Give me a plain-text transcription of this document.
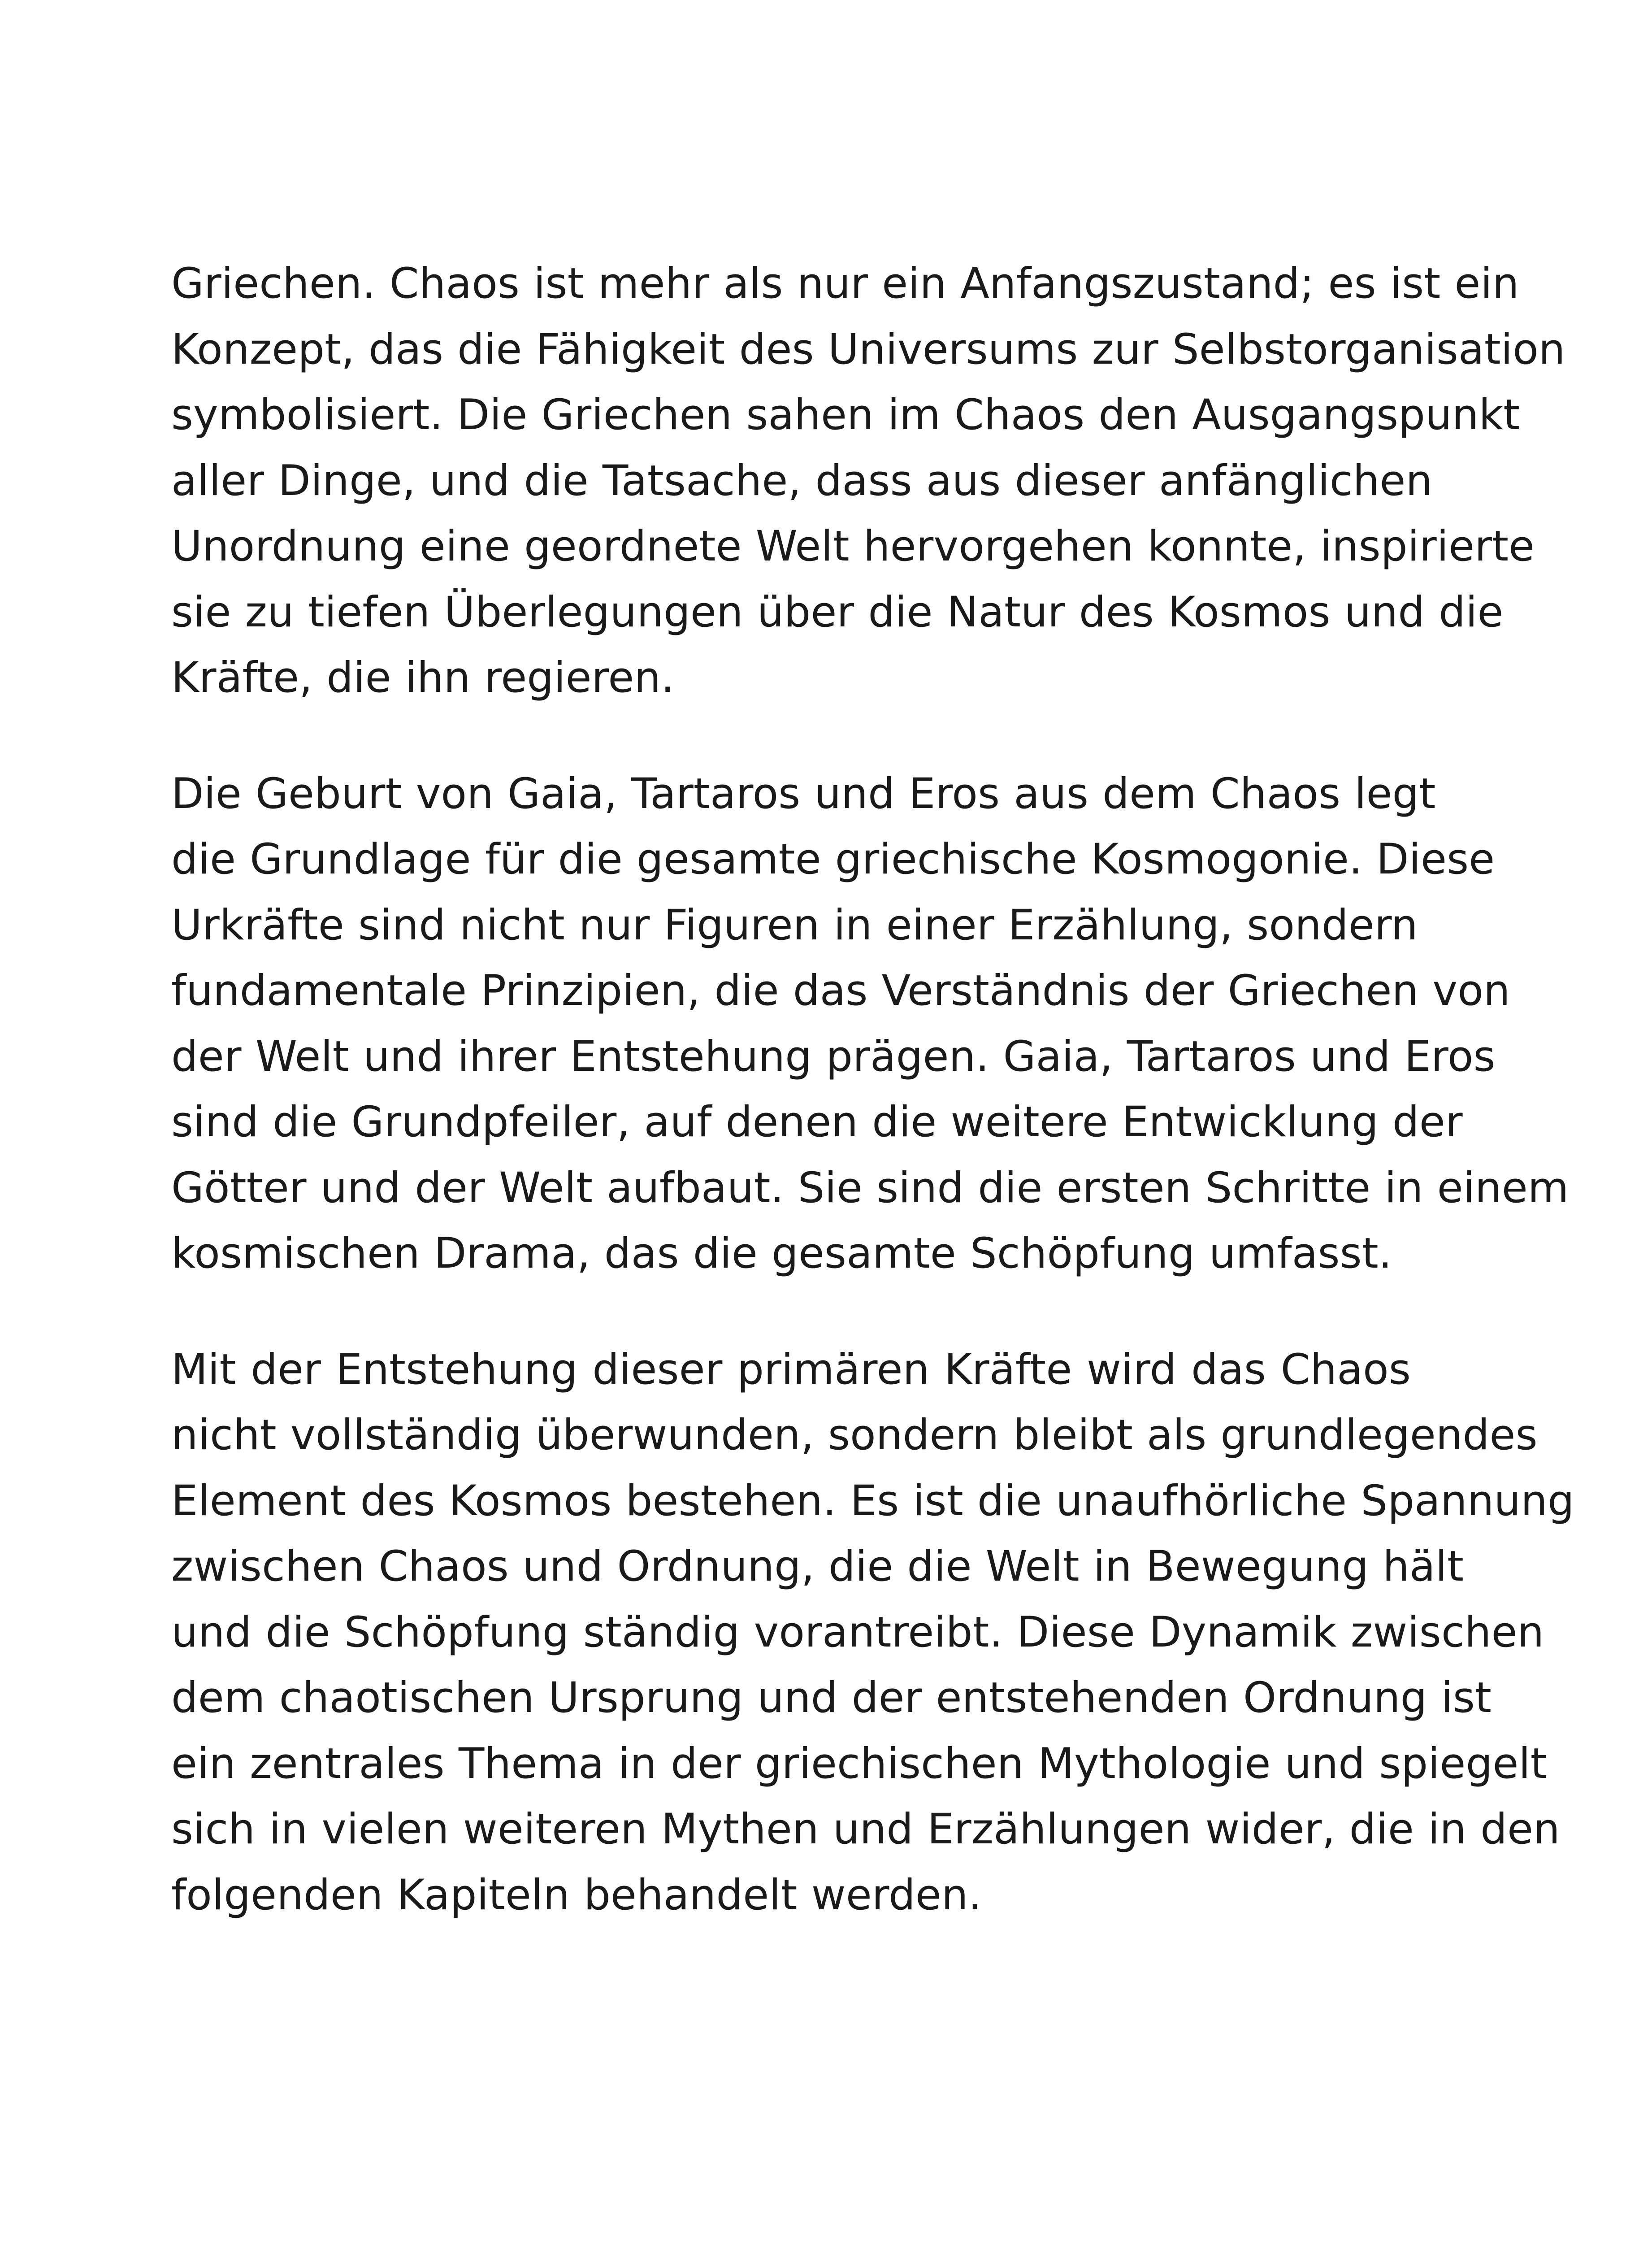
Griechen. Chaos ist mehr als nur ein Anfangszustand; es ist ein
Konzept, das die Fähigkeit des Universums zur Selbstorganisation
symbolisiert. Die Griechen sahen im Chaos den Ausgangspunkt
aller Dinge, und die Tatsache, dass aus dieser anfänglichen
Unordnung eine geordnete Welt hervorgehen konnte, inspirierte
sie zu tiefen Überlegungen über die Natur des Kosmos und die
Kräfte, die ihn regieren.

Die Geburt von Gaia, Tartaros und Eros aus dem Chaos legt
die Grundlage für die gesamte griechische Kosmogonie. Diese
Urkräfte sind nicht nur Figuren in einer Erzählung, sondern
fundamentale Prinzipien, die das Verständnis der Griechen von
der Welt und ihrer Entstehung prägen. Gaia, Tartaros und Eros
sind die Grundpfeiler, auf denen die weitere Entwicklung der
Götter und der Welt aufbaut. Sie sind die ersten Schritte in einem
kosmischen Drama, das die gesamte Schöpfung umfasst.

Mit der Entstehung dieser primären Kräfte wird das Chaos
nicht vollständig überwunden, sondern bleibt als grundlegendes
Element des Kosmos bestehen. Es ist die unaufhörliche Spannung
zwischen Chaos und Ordnung, die die Welt in Bewegung hält
und die Schöpfung ständig vorantreibt. Diese Dynamik zwischen
dem chaotischen Ursprung und der entstehenden Ordnung ist
ein zentrales Thema in der griechischen Mythologie und spiegelt
sich in vielen weiteren Mythen und Erzählungen wider, die in den
folgenden Kapiteln behandelt werden.
